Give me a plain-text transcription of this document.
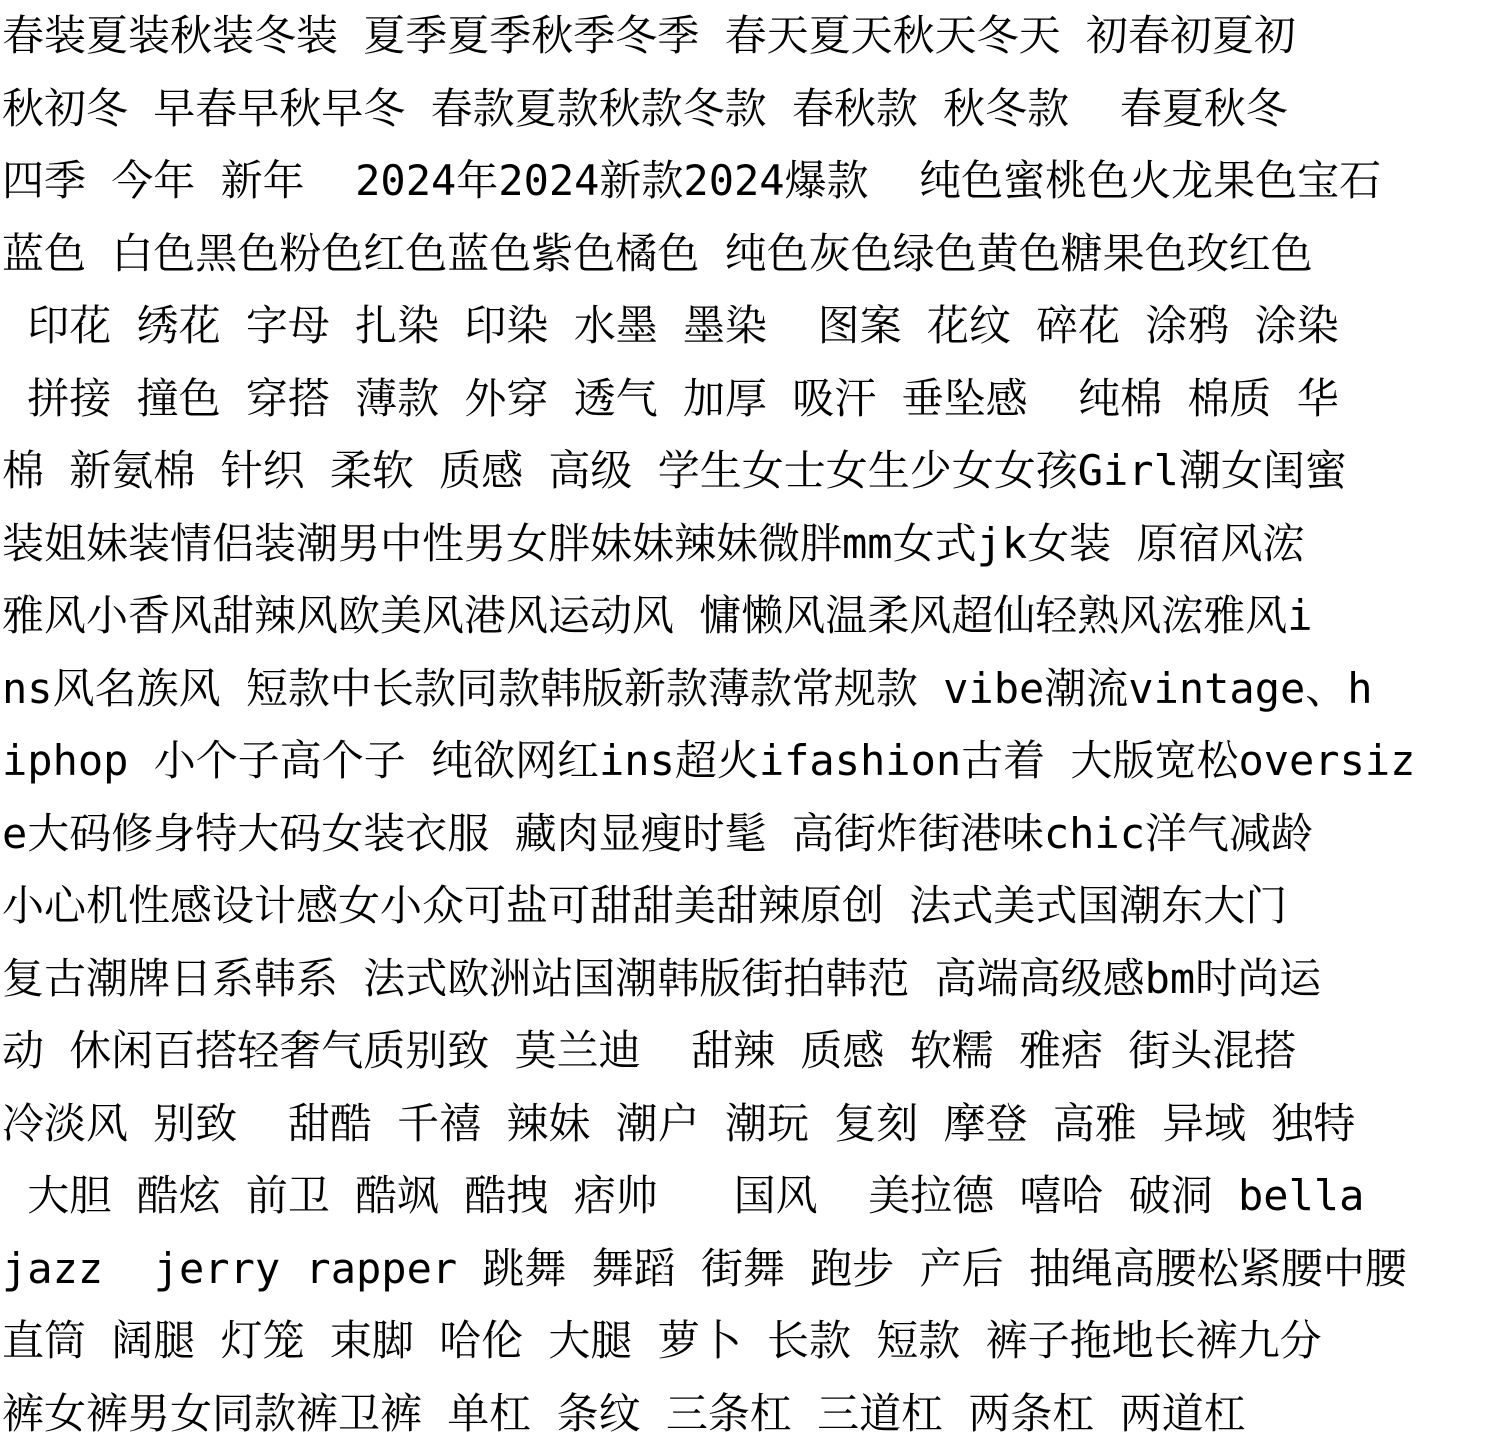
春装夏装秋装冬装 夏季夏季秋季冬季 春天夏天秋天冬天 初春初夏初
秋初冬 早春早秋早冬 春款夏款秋款冬款 春秋款 秋冬款  春夏秋冬
四季 今年 新年  2024年2024新款2024爆款  纯色蜜桃色火龙果色宝石
蓝色 白色黑色粉色红色蓝色紫色橘色 纯色灰色绿色黄色糖果色玫红色
印花 绣花 字母 扎染 印染 水墨 墨染  图案 花纹 碎花 涂鸦 涂染
拼接 撞色 穿搭 薄款 外穿 透气 加厚 吸汗 垂坠感  纯棉 棉质 华
棉 新氨棉 针织 柔软 质感 高级 学生女士女生少女女孩Girl潮女闺蜜
装姐妹装情侣装潮男中性男女胖妹妹辣妹微胖mm女式jk女装 原宿风浤
雅风小香风甜辣风欧美风港风运动风 慵懒风温柔风超仙轻熟风浤雅风i
ns风名族风 短款中长款同款韩版新款薄款常规款 vibe潮流vintage、h
iphop 小个子高个子 纯欲网红ins超火ifashion古着 大版宽松oversiz
e大码修身特大码女装衣服 藏肉显瘦时髦 高街炸街港味chic洋气减龄
小心机性感设计感女小众可盐可甜甜美甜辣原创 法式美式国潮东大门
复古潮牌日系韩系 法式欧洲站国潮韩版街拍韩范 高端高级感bm时尚运
动 休闲百搭轻奢气质别致 莫兰迪  甜辣 质感 软糯 雅痞 街头混搭
冷淡风 别致  甜酷 千禧 辣妹 潮户 潮玩 复刻 摩登 高雅 异域 独特
大胆 酷炫 前卫 酷飒 酷拽 痞帅   国风  美拉德 嘻哈 破洞 bella
jazz  jerry rapper 跳舞 舞蹈 街舞 跑步 产后 抽绳高腰松紧腰中腰
直筒 阔腿 灯笼 束脚 哈伦 大腿 萝卜 长款 短款 裤子拖地长裤九分
裤女裤男女同款裤卫裤 单杠 条纹 三条杠 三道杠 两条杠 两道杠
